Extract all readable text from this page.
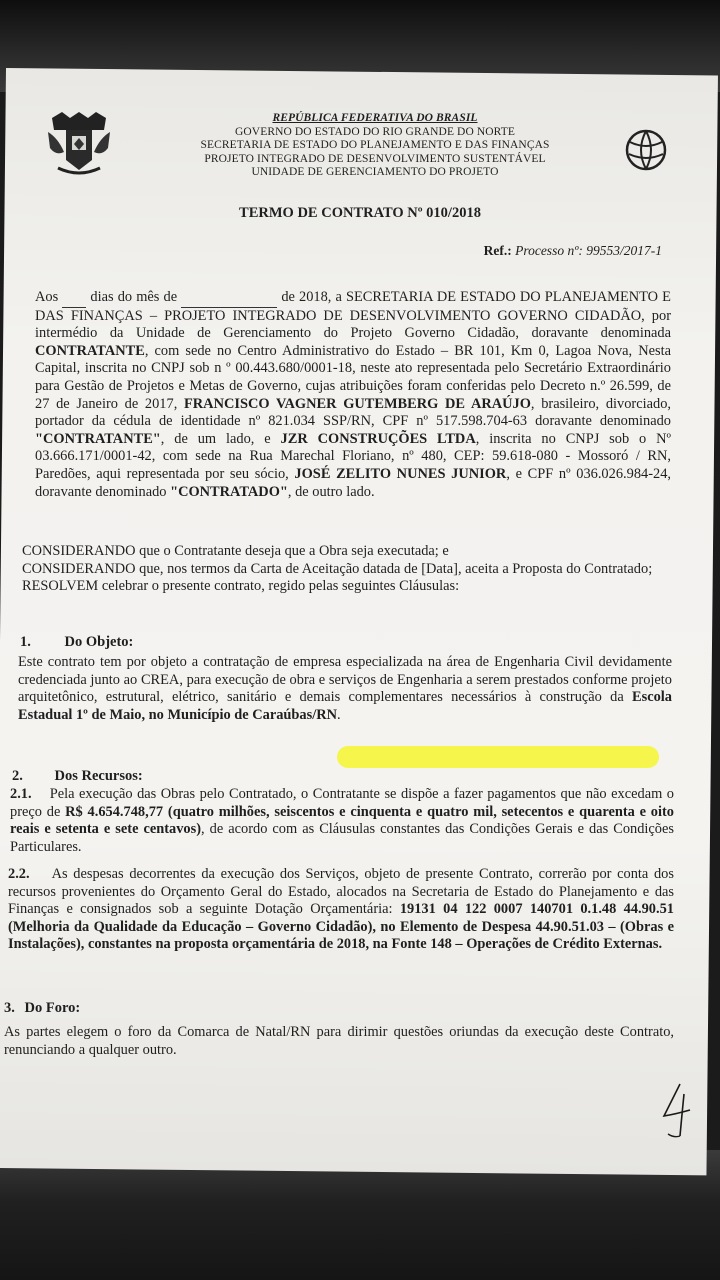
REPÚBLICA FEDERATIVA DO BRASIL
GOVERNO DO ESTADO DO RIO GRANDE DO NORTE
SECRETARIA DE ESTADO DO PLANEJAMENTO E DAS FINANÇAS
PROJETO INTEGRADO DE DESENVOLVIMENTO SUSTENTÁVEL
UNIDADE DE GERENCIAMENTO DO PROJETO
TERMO DE CONTRATO Nº 010/2018
Ref.: Processo nº: 99553/2017-1
Aos dias do mês de	de 2018, a SECRETARIA DE ESTADO DO PLANEJAMENTO E DAS FINANÇAS – PROJETO INTEGRADO DE DESENVOLVIMENTO GOVERNO CIDADÃO, por intermédio da Unidade de Gerenciamento do Projeto Governo Cidadão, doravante denominada CONTRATANTE, com sede no Centro Administrativo do Estado – BR 101, Km 0, Lagoa Nova, Nesta Capital, inscrita no CNPJ sob n º 00.443.680/0001-18, neste ato representada pelo Secretário Extraordinário para Gestão de Projetos e Metas de Governo, cujas atribuições foram conferidas pelo Decreto n.º 26.599, de 27 de Janeiro de 2017, FRANCISCO VAGNER GUTEMBERG DE ARAÚJO, brasileiro, divorciado, portador da cédula de identidade nº 821.034 SSP/RN, CPF nº 517.598.704-63 doravante denominado "CONTRATANTE", de um lado, e JZR CONSTRUÇÕES LTDA, inscrita no CNPJ sob o Nº 03.666.171/0001-42, com sede na Rua Marechal Floriano, nº 480, CEP: 59.618-080 - Mossoró / RN, Paredões, aqui representada por seu sócio, JOSÉ ZELITO NUNES JUNIOR, e CPF nº 036.026.984-24, doravante denominado "CONTRATADO", de outro lado.
CONSIDERANDO que o Contratante deseja que a Obra seja executada; e
CONSIDERANDO que, nos termos da Carta de Aceitação datada de [Data], aceita a Proposta do Contratado;
RESOLVEM celebrar o presente contrato, regido pelas seguintes Cláusulas:
1. Do Objeto:
Este contrato tem por objeto a contratação de empresa especializada na área de Engenharia Civil devidamente credenciada junto ao CREA, para execução de obra e serviços de Engenharia a serem prestados conforme projeto arquitetônico, estrutural, elétrico, sanitário e demais complementares necessários à construção da Escola Estadual 1º de Maio, no Município de Caraúbas/RN.
2. Dos Recursos:
2.1. Pela execução das Obras pelo Contratado, o Contratante se dispõe a fazer pagamentos que não excedam o preço de R$ 4.654.748,77 (quatro milhões, seiscentos e cinquenta e quatro mil, setecentos e quarenta e oito reais e setenta e sete centavos), de acordo com as Cláusulas constantes das Condições Gerais e das Condições Particulares.
2.2. As despesas decorrentes da execução dos Serviços, objeto de presente Contrato, correrão por conta dos recursos provenientes do Orçamento Geral do Estado, alocados na Secretaria de Estado do Planejamento e das Finanças e consignados sob a seguinte Dotação Orçamentária: 19131 04 122 0007 140701 0.1.48 44.90.51 (Melhoria da Qualidade da Educação – Governo Cidadão), no Elemento de Despesa 44.90.51.03 – (Obras e Instalações), constantes na proposta orçamentária de 2018, na Fonte 148 – Operações de Crédito Externas.
3. Do Foro:
As partes elegem o foro da Comarca de Natal/RN para dirimir questões oriundas da execução deste Contrato, renunciando a qualquer outro.
